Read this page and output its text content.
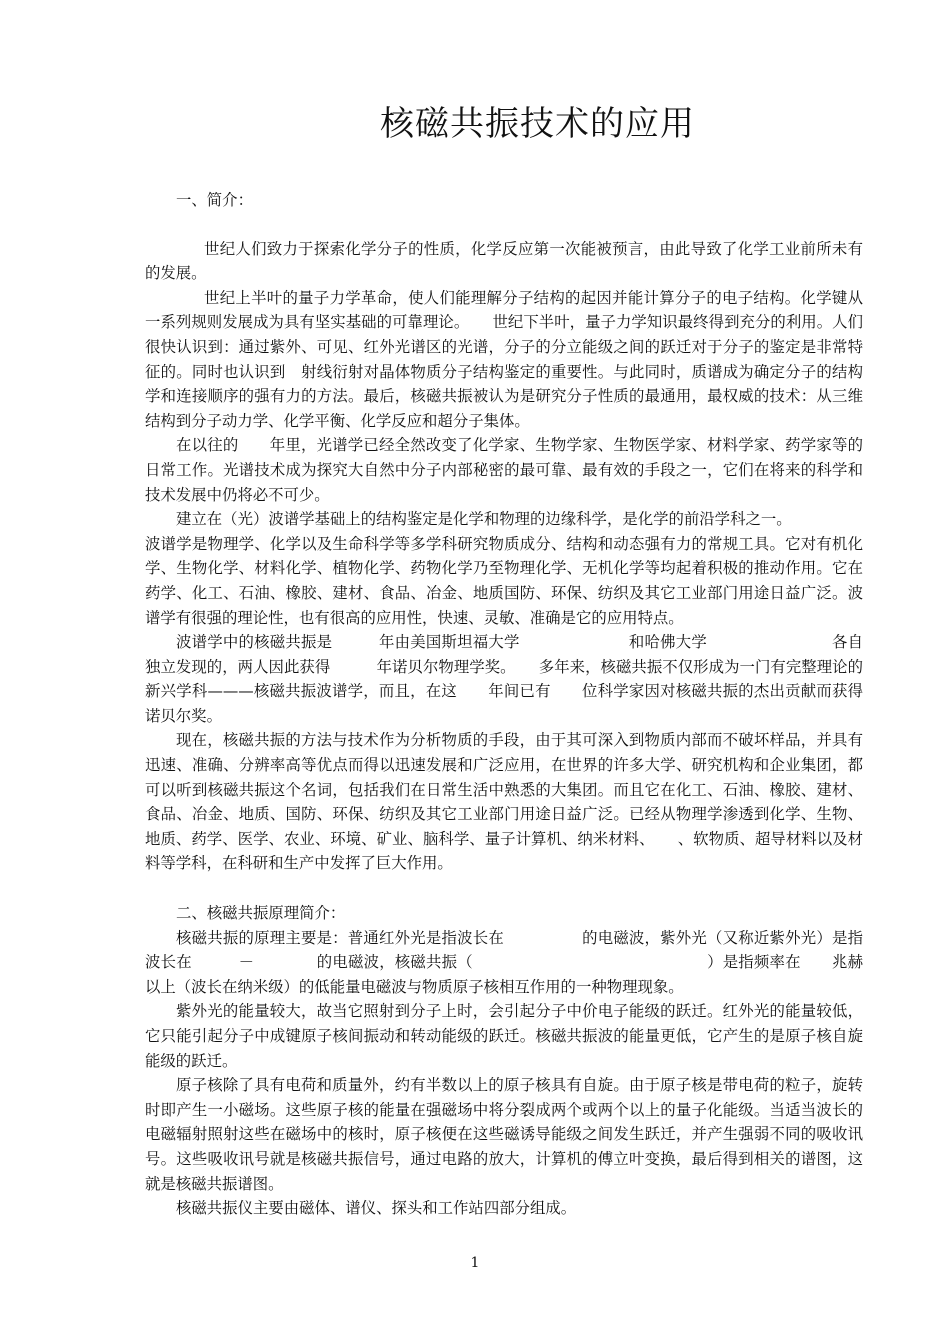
核磁共振技术的应用

一、简介：

世纪人们致力于探索化学分子的性质，化学反应第一次能被预言，由此导致了化学工业前所未有的发展。

世纪上半叶的量子力学革命，使人们能理解分子结构的起因并能计算分子的电子结构。化学键从一系列规则发展成为具有坚实基础的可靠理论。　　世纪下半叶，量子力学知识最终得到充分的利用。人们很快认识到：通过紫外、可见、红外光谱区的光谱，分子的分立能级之间的跃迁对于分子的鉴定是非常特征的。同时也认识到　射线衍射对晶体物质分子结构鉴定的重要性。与此同时，质谱成为确定分子的结构学和连接顺序的强有力的方法。最后，核磁共振被认为是研究分子性质的最通用，最权威的技术：从三维结构到分子动力学、化学平衡、化学反应和超分子集体。

在以往的　　年里，光谱学已经全然改变了化学家、生物学家、生物医学家、材料学家、药学家等的日常工作。光谱技术成为探究大自然中分子内部秘密的最可靠、最有效的手段之一，它们在将来的科学和技术发展中仍将必不可少。

建立在（光）波谱学基础上的结构鉴定是化学和物理的边缘科学，是化学的前沿学科之一。

波谱学是物理学、化学以及生命科学等多学科研究物质成分、结构和动态强有力的常规工具。它对有机化学、生物化学、材料化学、植物化学、药物化学乃至物理化学、无机化学等均起着积极的推动作用。它在药学、化工、石油、橡胶、建材、食品、冶金、地质国防、环保、纺织及其它工业部门用途日益广泛。波谱学有很强的理论性，也有很高的应用性，快速、灵敏、准确是它的应用特点。

波谱学中的核磁共振是　　　年由美国斯坦福大学　　　　　　　和哈佛大学　　　　　　　　各自独立发现的，两人因此获得　　　年诺贝尔物理学奖。　　多年来，核磁共振不仅形成为一门有完整理论的新兴学科———核磁共振波谱学，而且，在这　　年间已有　　位科学家因对核磁共振的杰出贡献而获得诺贝尔奖。

现在，核磁共振的方法与技术作为分析物质的手段，由于其可深入到物质内部而不破坏样品，并具有迅速、准确、分辨率高等优点而得以迅速发展和广泛应用，在世界的许多大学、研究机构和企业集团，都可以听到核磁共振这个名词，包括我们在日常生活中熟悉的大集团。而且它在化工、石油、橡胶、建材、食品、冶金、地质、国防、环保、纺织及其它工业部门用途日益广泛。已经从物理学渗透到化学、生物、地质、药学、医学、农业、环境、矿业、脑科学、量子计算机、纳米材料、　　、软物质、超导材料以及材料等学科，在科研和生产中发挥了巨大作用。

二、核磁共振原理简介：

核磁共振的原理主要是：普通红外光是指波长在　　　　　的电磁波，紫外光（又称近紫外光）是指波长在　　　－　　　　的电磁波，核磁共振（　　　　　　　　　　　　　　　）是指频率在　　兆赫以上（波长在纳米级）的低能量电磁波与物质原子核相互作用的一种物理现象。

紫外光的能量较大，故当它照射到分子上时，会引起分子中价电子能级的跃迁。红外光的能量较低，它只能引起分子中成键原子核间振动和转动能级的跃迁。核磁共振波的能量更低，它产生的是原子核自旋能级的跃迁。

原子核除了具有电荷和质量外，约有半数以上的原子核具有自旋。由于原子核是带电荷的粒子，旋转时即产生一小磁场。这些原子核的能量在强磁场中将分裂成两个或两个以上的量子化能级。当适当波长的电磁辐射照射这些在磁场中的核时，原子核便在这些磁诱导能级之间发生跃迁，并产生强弱不同的吸收讯号。这些吸收讯号就是核磁共振信号，通过电路的放大，计算机的傅立叶变换，最后得到相关的谱图，这就是核磁共振谱图。

核磁共振仪主要由磁体、谱仪、探头和工作站四部分组成。

1
